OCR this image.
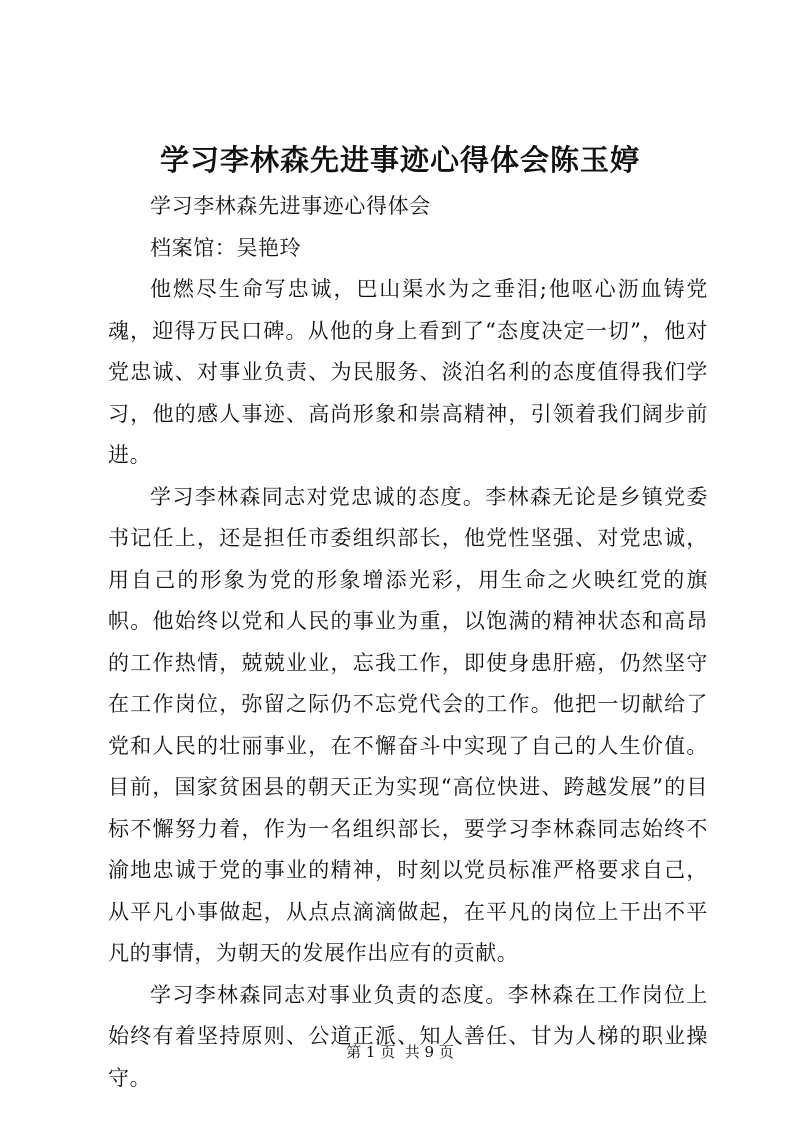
学习李林森先进事迹心得体会陈玉婷

学习李林森先进事迹心得体会

档案馆：吴艳玲

他燃尽生命写忠诚，巴山渠水为之垂泪;他呕心沥血铸党魂，迎得万民口碑。从他的身上看到了“态度决定一切”，他对党忠诚、对事业负责、为民服务、淡泊名利的态度值得我们学习，他的感人事迹、高尚形象和崇高精神，引领着我们阔步前进。

学习李林森同志对党忠诚的态度。李林森无论是乡镇党委书记任上，还是担任市委组织部长，他党性坚强、对党忠诚，用自己的形象为党的形象增添光彩，用生命之火映红党的旗帜。他始终以党和人民的事业为重，以饱满的精神状态和高昂的工作热情，兢兢业业，忘我工作，即使身患肝癌，仍然坚守在工作岗位，弥留之际仍不忘党代会的工作。他把一切献给了党和人民的壮丽事业，在不懈奋斗中实现了自己的人生价值。目前，国家贫困县的朝天正为实现“高位快进、跨越发展”的目标不懈努力着，作为一名组织部长，要学习李林森同志始终不渝地忠诚于党的事业的精神，时刻以党员标准严格要求自己，从平凡小事做起，从点点滴滴做起，在平凡的岗位上干出不平凡的事情，为朝天的发展作出应有的贡献。

学习李林森同志对事业负责的态度。李林森在工作岗位上始终有着坚持原则、公道正派、知人善任、甘为人梯的职业操守。

第 1 页  共 9 页
